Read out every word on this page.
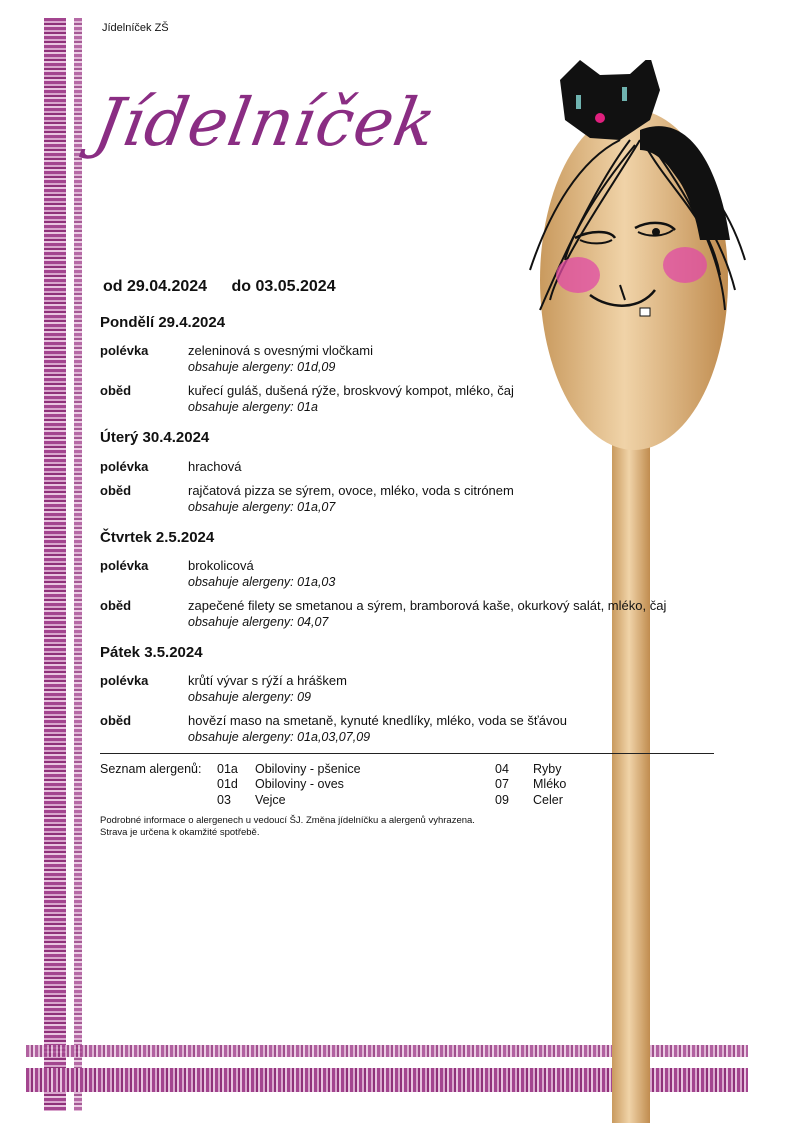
Jídelníček ZŠ
Jídelníček
od 29.04.2024 do 03.05.2024
Pondělí 29.4.2024
polévka	zeleninová s ovesnými vločkami
obsahuje alergeny: 01d,09
oběd	kuřecí guláš, dušená rýže, broskvový kompot, mléko, čaj
obsahuje alergeny: 01a
Úterý 30.4.2024
polévka	hrachová
oběd	rajčatová pizza se sýrem, ovoce, mléko, voda s citrónem
obsahuje alergeny: 01a,07
Čtvrtek 2.5.2024
polévka	brokolicová
obsahuje alergeny: 01a,03
oběd	zapečené filety se smetanou a sýrem, bramborová kaše, okurkový salát, mléko, čaj
obsahuje alergeny: 04,07
Pátek 3.5.2024
polévka	krůtí vývar s rýží a hráškem
obsahuje alergeny: 09
oběd	hovězí maso na smetaně, kynuté knedlíky, mléko, voda se šťávou
obsahuje alergeny: 01a,03,07,09
Seznam alergenů: 01a Obiloviny - pšenice
01d Obiloviny - oves
03 Vejce
04 Ryby
07 Mléko
09 Celer
Podrobné informace o alergenech u vedoucí ŠJ. Změna jídelníčku a alergenů vyhrazena.
Strava je určena k okamžité spotřebě.
